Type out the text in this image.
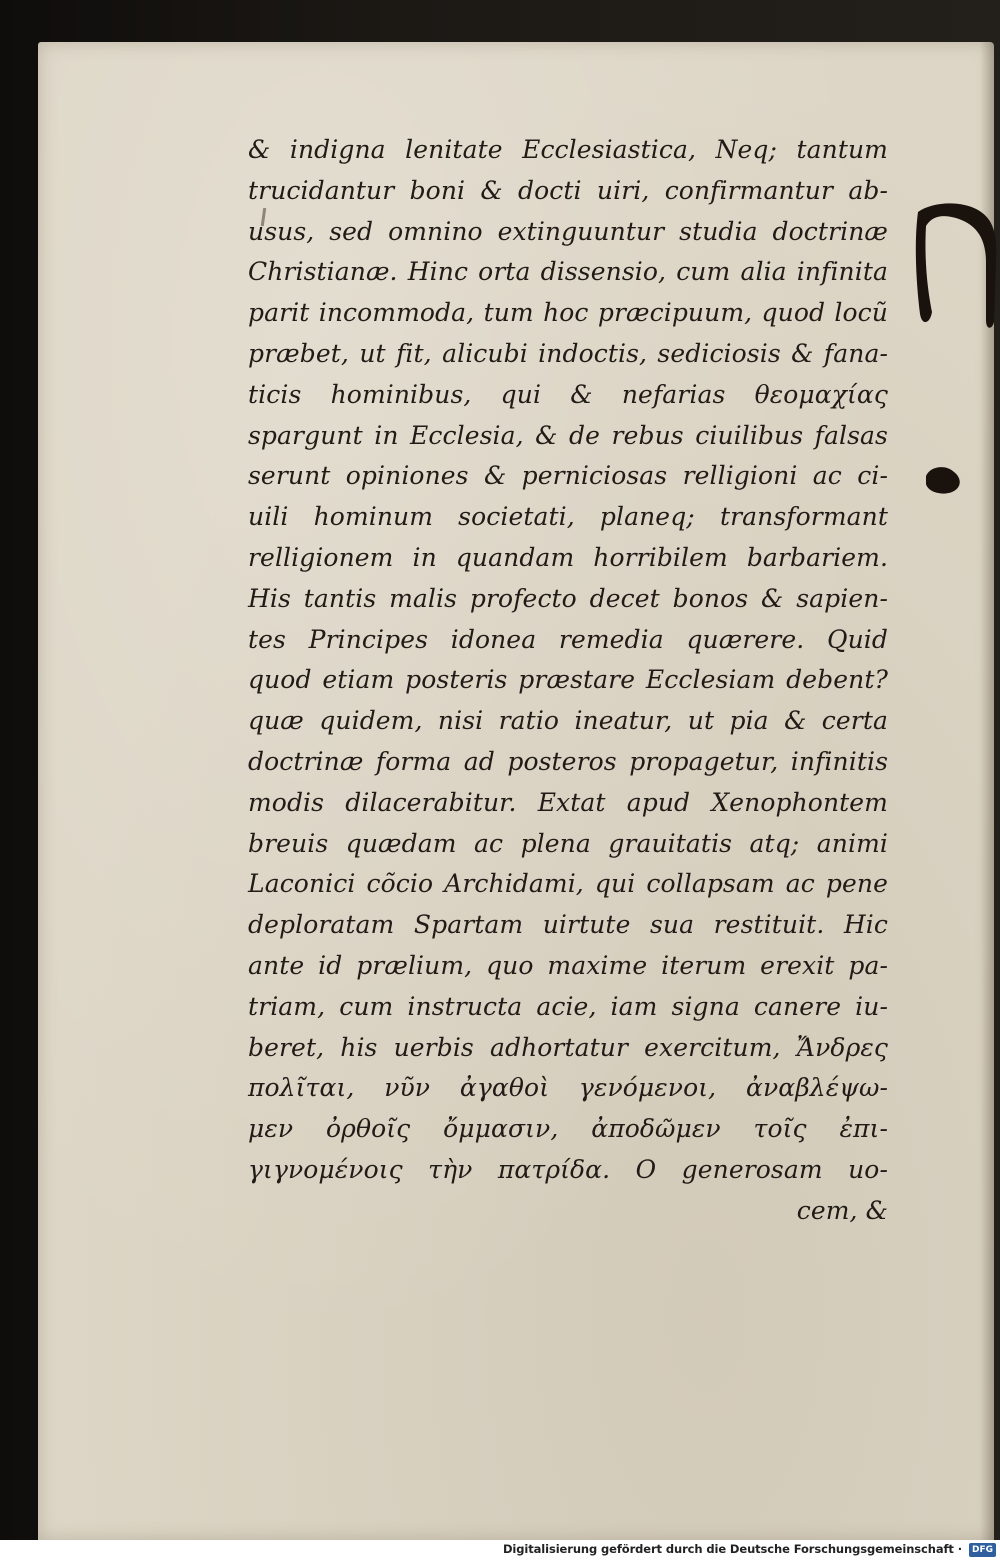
& indigna lenitate Ecclesiastica, Neq; tantum
trucidantur boni & docti uiri, confirmantur ab-
usus, sed omnino extinguuntur studia doctrinæ
Christianæ. Hinc orta dissensio, cum alia infinita
parit incommoda, tum hoc præcipuum, quod locũ
præbet, ut fit, alicubi indoctis, sediciosis & fana-
ticis hominibus, qui & nefarias θεομαχίας
spargunt in Ecclesia, & de rebus ciuilibus falsas
serunt opiniones & perniciosas relligioni ac ci-
uili hominum societati, planeq; transformant
relligionem in quandam horribilem barbariem.
His tantis malis profecto decet bonos & sapien-
tes Principes idonea remedia quærere. Quid
quod etiam posteris præstare Ecclesiam debent?
quæ quidem, nisi ratio ineatur, ut pia & certa
doctrinæ forma ad posteros propagetur, infinitis
modis dilacerabitur. Extat apud Xenophontem
breuis quædam ac plena grauitatis atq; animi
Laconici cõcio Archidami, qui collapsam ac pene
deploratam Spartam uirtute sua restituit. Hic
ante id prælium, quo maxime iterum erexit pa-
triam, cum instructa acie, iam signa canere iu-
beret, his uerbis adhortatur exercitum, Ἄνδρες
πολῖται, νῦν ἀγαθοὶ γενόμενοι, ἀναβλέψω-
μεν ὀρθοῖς ὄμμασιν, ἀποδῶμεν τοῖς ἐπι-
γιγνομένοις τὴν πατρίδα. O generosam uo-
cem, &
Digitalisierung gefördert durch die Deutsche Forschungsgemeinschaft ·	DFG
